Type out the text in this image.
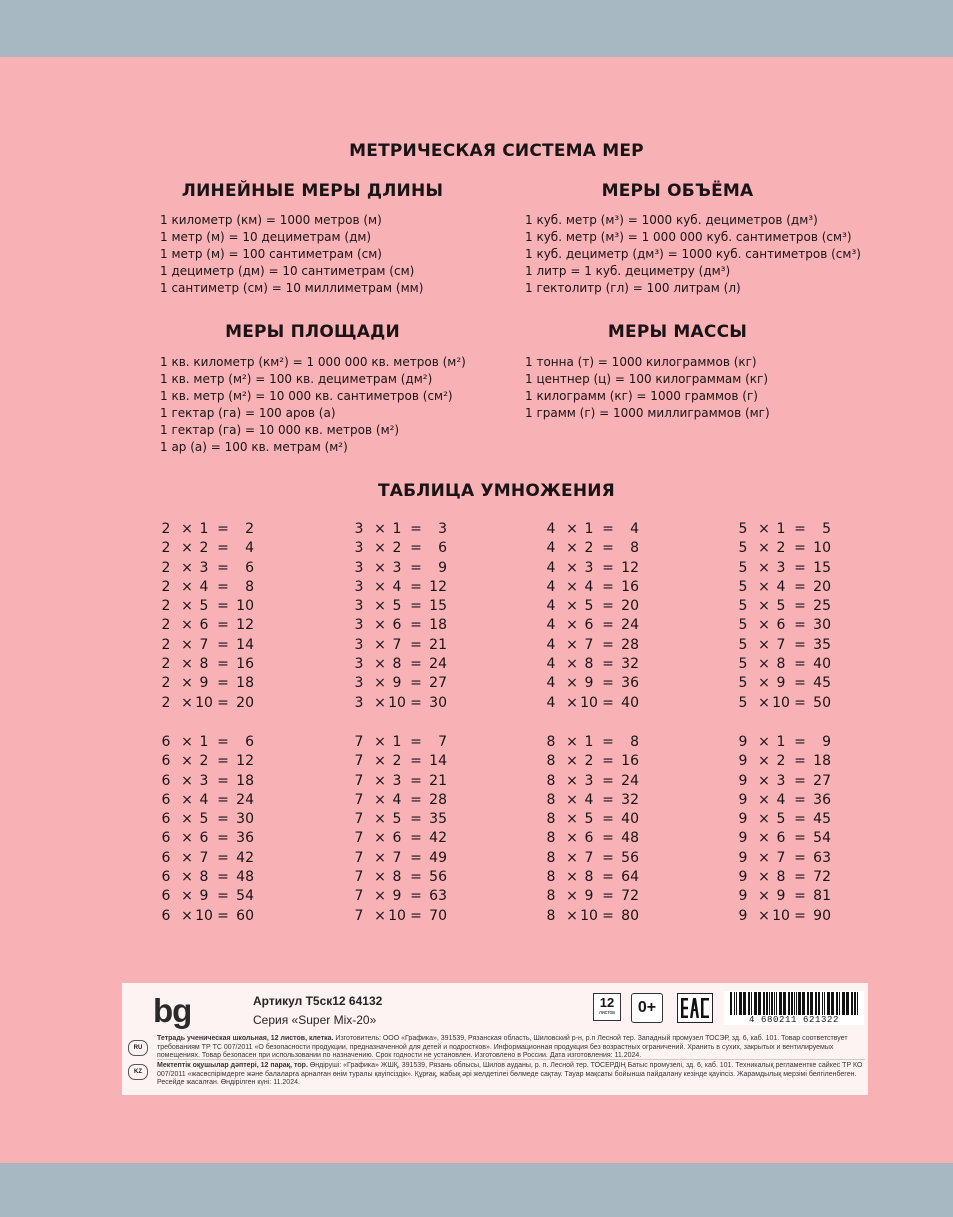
МЕТРИЧЕСКАЯ СИСТЕМА МЕР
ЛИНЕЙНЫЕ МЕРЫ ДЛИНЫ
1 километр (км) = 1000 метров (м)
1 метр (м) = 10 дециметрам (дм)
1 метр (м) = 100 сантиметрам (см)
1 дециметр (дм) = 10 сантиметрам (см)
1 сантиметр (см) = 10 миллиметрам (мм)
МЕРЫ ОБЪЁМА
1 куб. метр (м³) = 1000 куб. дециметров (дм³)
1 куб. метр (м³) = 1 000 000 куб. сантиметров (см³)
1 куб. дециметр (дм³) = 1000 куб. сантиметров (см³)
1 литр = 1 куб. дециметру (дм³)
1 гектолитр (гл) = 100 литрам (л)
МЕРЫ ПЛОЩАДИ
1 кв. километр (км²) = 1 000 000 кв. метров (м²)
1 кв. метр (м²) = 100 кв. дециметрам (дм²)
1 кв. метр (м²) = 10 000 кв. сантиметров (см²)
1 гектар (га) = 100 аров (а)
1 гектар (га) = 10 000 кв. метров (м²)
1 ар (а) = 100 кв. метрам (м²)
МЕРЫ МАССЫ
1 тонна (т) = 1000 килограммов (кг)
1 центнер (ц) = 100 килограммам (кг)
1 килограмм (кг) = 1000 граммов (г)
1 грамм (г) = 1000 миллиграммов (мг)
ТАБЛИЦА УМНОЖЕНИЯ
2 × 1 =	2
2 × 2 =	4
2 × 3 =	6
2 × 4 =	8
2 × 5 = 10
2 × 6 = 12
2 × 7 = 14
2 × 8 = 16
2 × 9 = 18
2 × 10 = 20
3 × 1 =	3
3 × 2 =	6
3 × 3 =	9
3 × 4 = 12
3 × 5 = 15
3 × 6 = 18
3 × 7 = 21
3 × 8 = 24
3 × 9 = 27
3 × 10 = 30
4 × 1 =	4
4 × 2 =	8
4 × 3 = 12
4 × 4 = 16
4 × 5 = 20
4 × 6 = 24
4 × 7 = 28
4 × 8 = 32
4 × 9 = 36
4 × 10 = 40
5 × 1 =	5
5 × 2 = 10
5 × 3 = 15
5 × 4 = 20
5 × 5 = 25
5 × 6 = 30
5 × 7 = 35
5 × 8 = 40
5 × 9 = 45
5 × 10 = 50
6 × 1 =	6
6 × 2 = 12
6 × 3 = 18
6 × 4 = 24
6 × 5 = 30
6 × 6 = 36
6 × 7 = 42
6 × 8 = 48
6 × 9 = 54
6 × 10 = 60
7 × 1 =	7
7 × 2 = 14
7 × 3 = 21
7 × 4 = 28
7 × 5 = 35
7 × 6 = 42
7 × 7 = 49
7 × 8 = 56
7 × 9 = 63
7 × 10 = 70
8 × 1 =	8
8 × 2 = 16
8 × 3 = 24
8 × 4 = 32
8 × 5 = 40
8 × 6 = 48
8 × 7 = 56
8 × 8 = 64
8 × 9 = 72
8 × 10 = 80
9 × 1 =	9
9 × 2 = 18
9 × 3 = 27
9 × 4 = 36
9 × 5 = 45
9 × 6 = 54
9 × 7 = 63
9 × 8 = 72
9 × 9 = 81
9 × 10 = 90
bg	Артикул Т5ск12 64132
Серия «Super Mix-20»
12
листов	0+
4 680211 621322
RU

Тетрадь ученическая школьная, 12 листов, клетка. Изготовитель: ООО «Графика», 391539, Рязанская область, Шиловский р-н, р.п Лесной тер. Западный промузел ТОСЭР, зд. 6, каб. 101. Товар соответствует требованиям ТР ТС 007/2011 «О безопасности продукции, предназначенной для детей и подростков». Информационная продукция без возрастных ограничений. Хранить в сухих, закрытых и вентилируемых помещениях. Товар безопасен при использовании по назначению. Срок годности не установлен. Изготовлено в России. Дата изготовления: 11.2024.

KZ

Мектептік оқушылар дәптері, 12 парақ, тор. Өндіруші: «Графика» ЖШҚ, 391539, Рязань облысы, Шилов ауданы, р. п. Лесной тер. ТОСЕРДІҢ Батыс промузелі, зд. 6, каб. 101. Техникалық регламентке сайкес ТР КО 007/2011 «жасөспірімдерге және балаларға арналған өнім туралы қауіпсіздік». Құрғақ, жабық әрі желдетілеі бөлмеде сақтау. Тауар мақсаты бойынша пайдалану кезінде қауіпсіз. Жарамдылық мерзімі белгіленбеген. Ресейде жасалған. Өндірілген күні: 11.2024.
